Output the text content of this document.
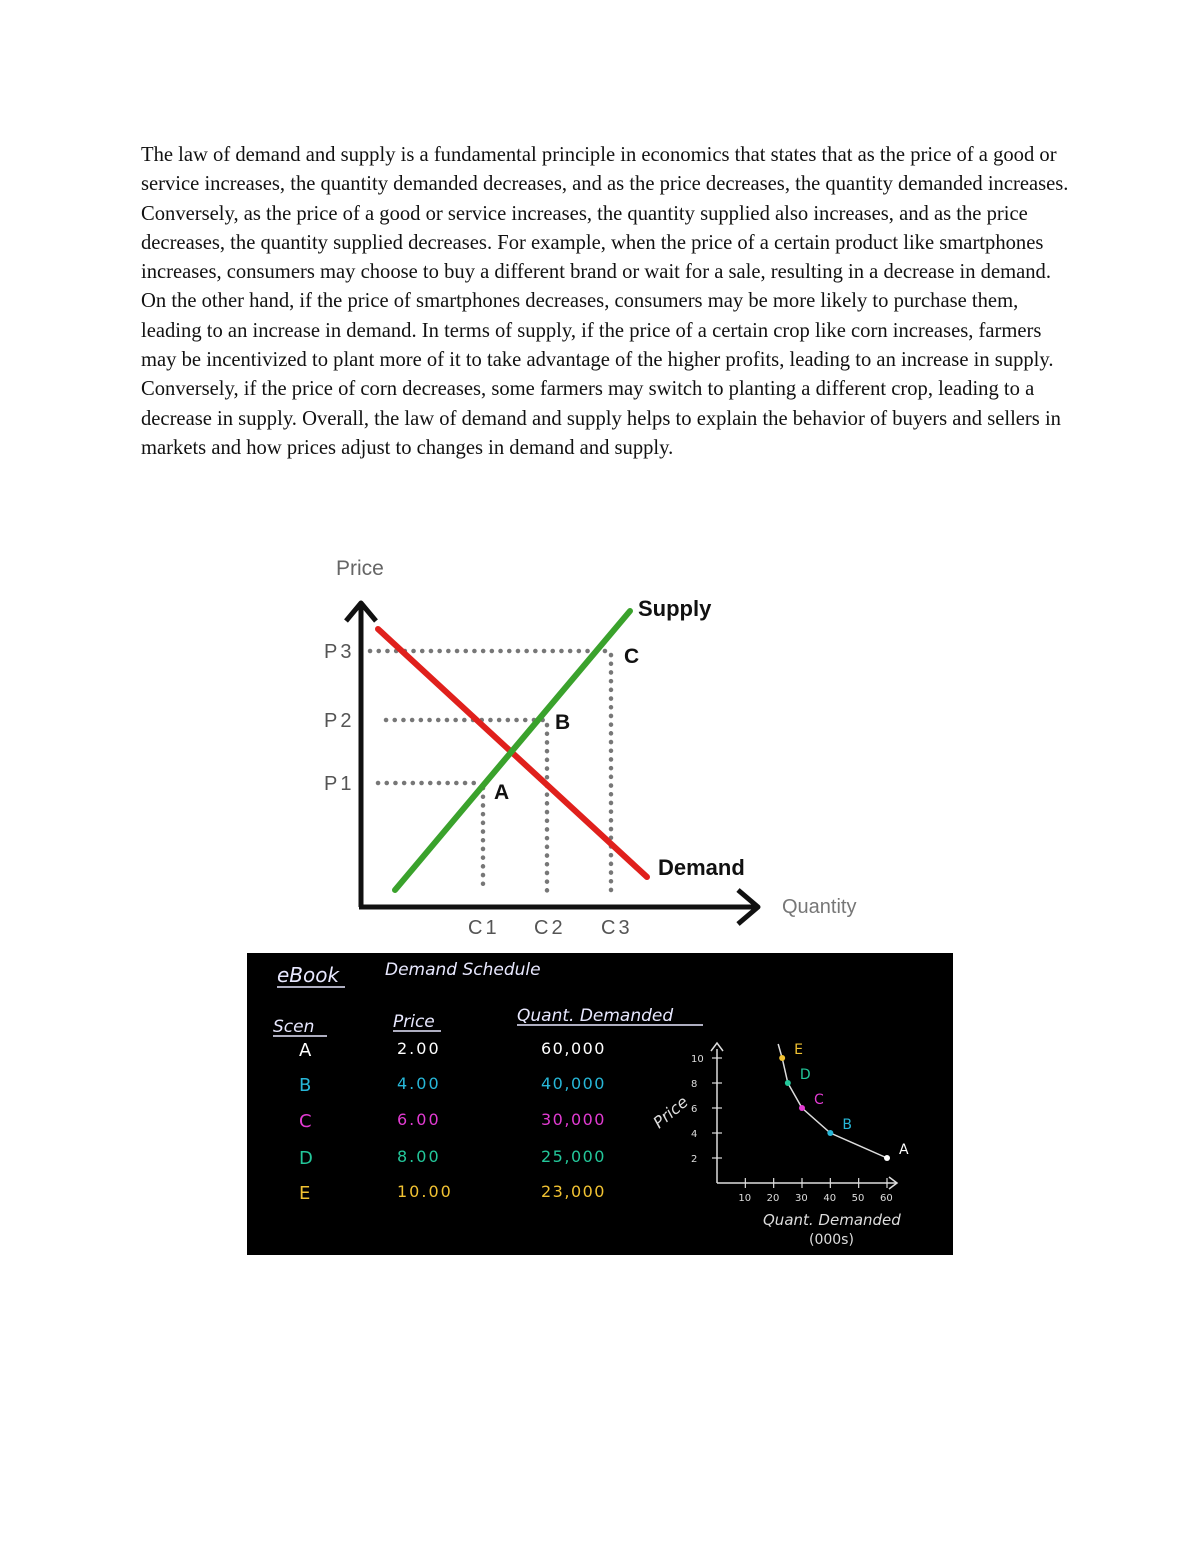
The law of demand and supply is a fundamental principle in economics that states that as the price of a good or service increases, the quantity demanded decreases, and as the price decreases, the quantity demanded increases. Conversely, as the price of a good or service increases, the quantity supplied also increases, and as the price decreases, the quantity supplied decreases. For example, when the price of a certain product like smartphones increases, consumers may choose to buy a different brand or wait for a sale, resulting in a decrease in demand. On the other hand, if the price of smartphones decreases, consumers may be more likely to purchase them, leading to an increase in demand. In terms of supply, if the price of a certain crop like corn increases, farmers may be incentivized to plant more of it to take advantage of the higher profits, leading to an increase in supply. Conversely, if the price of corn decreases, some farmers may switch to planting a different crop, leading to a decrease in supply. Overall, the law of demand and supply helps to explain the behavior of buyers and sellers in markets and how prices adjust to changes in demand and supply.

Price
Quantity
P3
P2
P1
C1 C2 C3
Supply
Demand
A
B
C
eBook	Demand Schedule
Scen	Price	Quant. Demanded
A	2.00	60,000
B	4.00	40,000
C	6.00	30,000
D	8.00	25,000
E	10.00	23,000
10
8
6
4
2
10 20 30 40 50 60
E
D
C
B
A
Price
Quant. Demanded
(000s)
